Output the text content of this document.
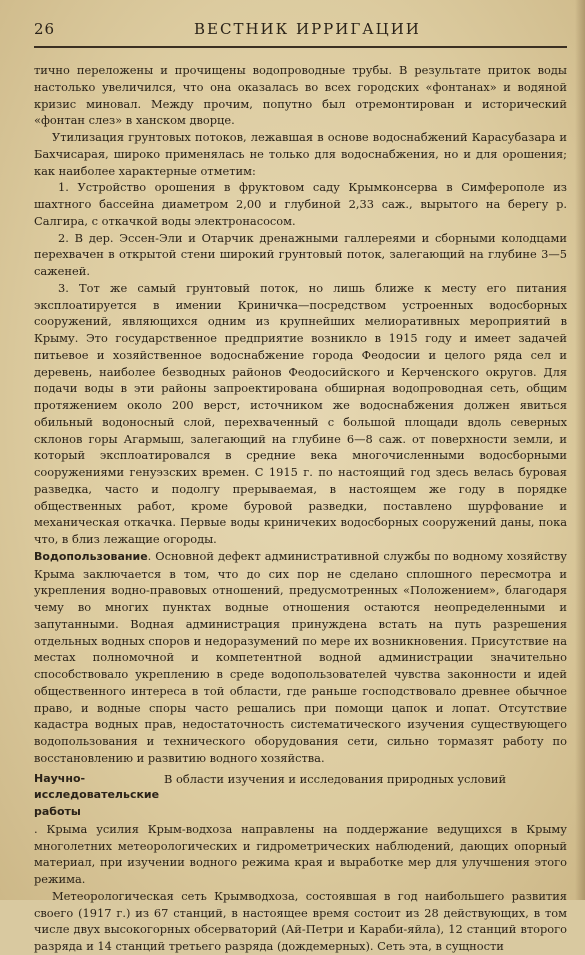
26	ВЕСТНИК ИРРИГАЦИИ

тично переложены и прочищены водопроводные трубы. В результате приток воды настолько увеличился, что она оказалась во всех городских «фонтанах» и водяной кризис миновал. Между прочим, попутно был отремонтирован и исторический «фонтан слез» в ханском дворце.

Утилизация грунтовых потоков, лежавшая в основе водоснабжений Карасубазара и Бахчисарая, широко применялась не только для водоснабжения, но и для орошения; как наиболее характерные отметим:

1. Устройство орошения в фруктовом саду Крымконсерва в Симферополе из шахтного бассейна диаметром 2,00 и глубиной 2,33 саж., вырытого на берегу р. Салгира, с откачкой воды электронасосом.

2. В дер. Эссен-Эли и Отарчик дренажными галлереями и сборными колодцами перехвачен в открытой стени широкий грунтовый поток, залегающий на глубине 3—5 саженей.

3. Тот же самый грунтовый поток, но лишь ближе к месту его питания эксплоатируется в имении Криничка—посредством устроенных водосборных сооружений, являющихся одним из крупнейших мелиоративных мероприятий в Крыму. Это государственное предприятие возникло в 1915 году и имеет задачей питьевое и хозяйственное водоснабжение города Феодосии и целого ряда сел и деревень, наиболее безводных районов Феодосийского и Керченского округов. Для подачи воды в эти районы запроектирована обширная водопроводная сеть, общим протяжением около 200 верст, источником же водоснабжения должен явиться обильный водоносный слой, перехваченный с большой площади вдоль северных склонов горы Агармыш, залегающий на глубине 6—8 саж. от поверхности земли, и который эксплоатировался в средние века многочисленными водосборными сооружениями генуэзских времен. С 1915 г. по настоящий год здесь велась буровая разведка, часто и подолгу прерываемая, в настоящем же году в порядке общественных работ, кроме буровой разведки, поставлено шурфование и механическая откачка. Первые воды криничеких водосборных сооружений даны, пока что, в близ лежащие огороды.

Водопользование. Основной дефект административной службы по водному хозяйству Крыма заключается в том, что до сих пор не сделано сплошного пересмотра и укрепления водно-правовых отношений, предусмотренных «Положением», благодаря чему во многих пунктах водные отношения остаются неопределенными и запутанными. Водная администрация принуждена встать на путь разрешения отдельных водных споров и недоразумений по мере их возникновения. Присутствие на местах полномочной и компетентной водной администрации значительно способствовало укреплению в среде водопользователей чувства законности и идей общественного интереса в той области, где раньше господствовало древнее обычное право, и водные споры часто решались при помощи цапок и лопат. Отсутствие кадастра водных прав, недостаточность систематического изучения существующего водопользования и технического оборудования сети, сильно тормазят работу по восстановлению и развитию водного хозяйства.

Научно-исследовательские работы
В области изучения и исследования природных условий

. Крыма усилия Крым-водхоза направлены на поддержание ведущихся в Крыму многолетних метеорологических и гидрометрических наблюдений, дающих опорный материал, при изучении водного режима края и выработке мер для улучшения этого режима.

Метеорологическая сеть Крымводхоза, состоявшая в год наибольшего развития своего (1917 г.) из 67 станций, в настоящее время состоит из 28 действующих, в том числе двух высокогорных обсерваторий (Ай-Петри и Караби-яйла), 12 станций второго разряда и 14 станций третьего разряда (дождемерных). Сеть эта, в сущности
